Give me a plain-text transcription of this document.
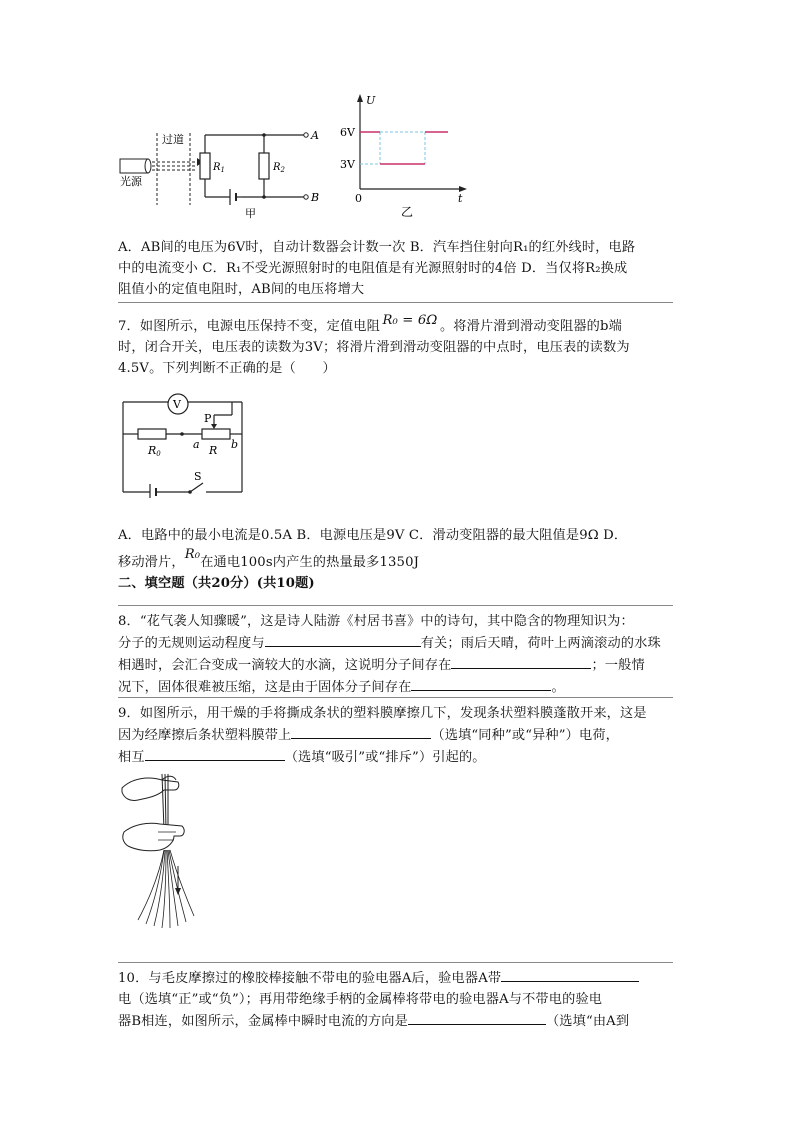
过道
光源
$R_1$	$R_2$
A
B
甲
U
6V
3V
0	t
乙
A．AB间的电压为6V时，自动计数器会计数一次 B．汽车挡住射向R₁的红外线时，电路
中的电流变小 C．R₁不受光源照射时的电阻值是有光源照射时的4倍 D．当仅将R₂换成
阻值小的定值电阻时，AB间的电压将增大
7．如图所示，电源电压保持不变，定值电阻 R₀ = 6Ω 。将滑片滑到滑动变阻器的b端
时，闭合开关，电压表的读数为3V；将滑片滑到滑动变阻器的中点时，电压表的读数为
4.5V。下列判断不正确的是（　　）
V
P
R0
a R b
S
A．电路中的最小电流是0.5A B．电源电压是9V C．滑动变阻器的最大阻值是9Ω D．
移动滑片，R₀在通电100s内产生的热量最多1350J
二、填空题（共20分）(共10题)
8．“花气袭人知骤暖”，这是诗人陆游《村居书喜》中的诗句，其中隐含的物理知识为：
分子的无规则运动程度与	有关；雨后天晴，荷叶上两滴滚动的水珠
相遇时，会汇合变成一滴较大的水滴，这说明分子间存在	；一般情
况下，固体很难被压缩，这是由于固体分子间存在	。
9．如图所示，用干燥的手将撕成条状的塑料膜摩擦几下，发现条状塑料膜蓬散开来，这是
因为经摩擦后条状塑料膜带上	（选填“同种”或“异种”）电荷，
相互	（选填“吸引”或“排斥”）引起的。
10．与毛皮摩擦过的橡胶棒接触不带电的验电器A后，验电器A带
电（选填“正”或“负”）；再用带绝缘手柄的金属棒将带电的验电器A与不带电的验电
器B相连，如图所示，金属棒中瞬时电流的方向是	（选填“由A到
